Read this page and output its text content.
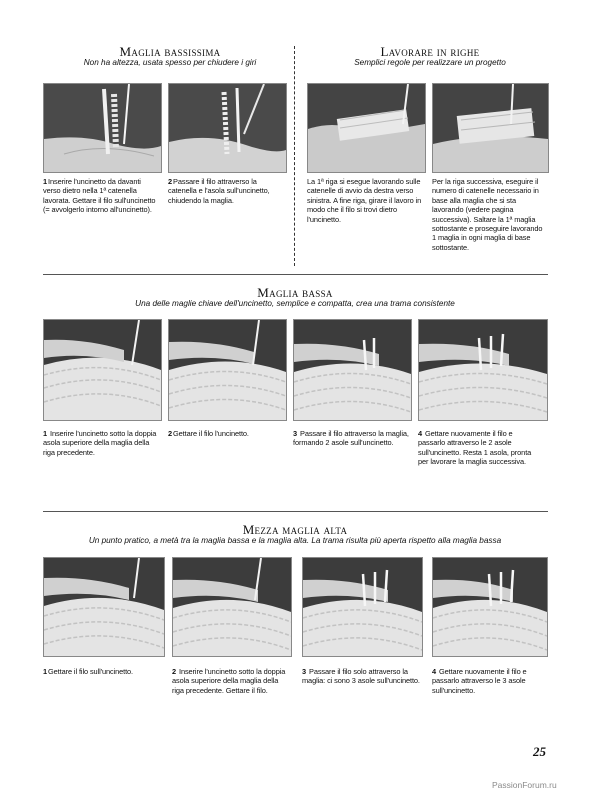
Maglia bassissima
Non ha altezza, usata spesso per chiudere i giri
1Inserire l'uncinetto da davanti verso dietro nella 1ª catenella lavorata. Gettare il filo sull'uncinetto (= avvolgerlo intorno all'uncinetto).
2Passare il filo attraverso la catenella e l'asola sull'uncinetto, chiudendo la maglia.
Lavorare in righe
Semplici regole per realizzare un progetto
La 1ª riga si esegue lavorando sulle catenelle di avvio da destra verso sinistra. A fine riga, girare il lavoro in modo che il filo si trovi dietro l'uncinetto.
Per la riga successiva, eseguire il numero di catenelle necessario in base alla maglia che si sta lavorando (vedere pagina successiva). Saltare la 1ª maglia sottostante e proseguire lavorando 1 maglia in ogni maglia di base sottostante.
Maglia bassa
Una delle maglie chiave dell'uncinetto, semplice e compatta, crea una trama consistente
1 Inserire l'uncinetto sotto la doppia asola superiore della maglia della riga precedente.
2Gettare il filo l'uncinetto.	3 Passare il filo attraverso la maglia, formando 2 asole sull'uncinetto.
4 Gettare nuovamente il filo e passarlo attraverso le 2 asole sull'uncinetto. Resta 1 asola, pronta per lavorare la maglia successiva.
Mezza maglia alta
Un punto pratico, a metà tra la maglia bassa e la maglia alta. La trama risulta più aperta rispetto alla maglia bassa
1Gettare il filo sull'uncinetto.	2 Inserire l'uncinetto sotto la doppia asola superiore della maglia della riga precedente. Gettare il filo.
3 Passare il filo solo attraverso la maglia: ci sono 3 asole sull'uncinetto.
4 Gettare nuovamente il filo e passarlo attraverso le 3 asole sull'uncinetto.
25
PassionForum.ru
